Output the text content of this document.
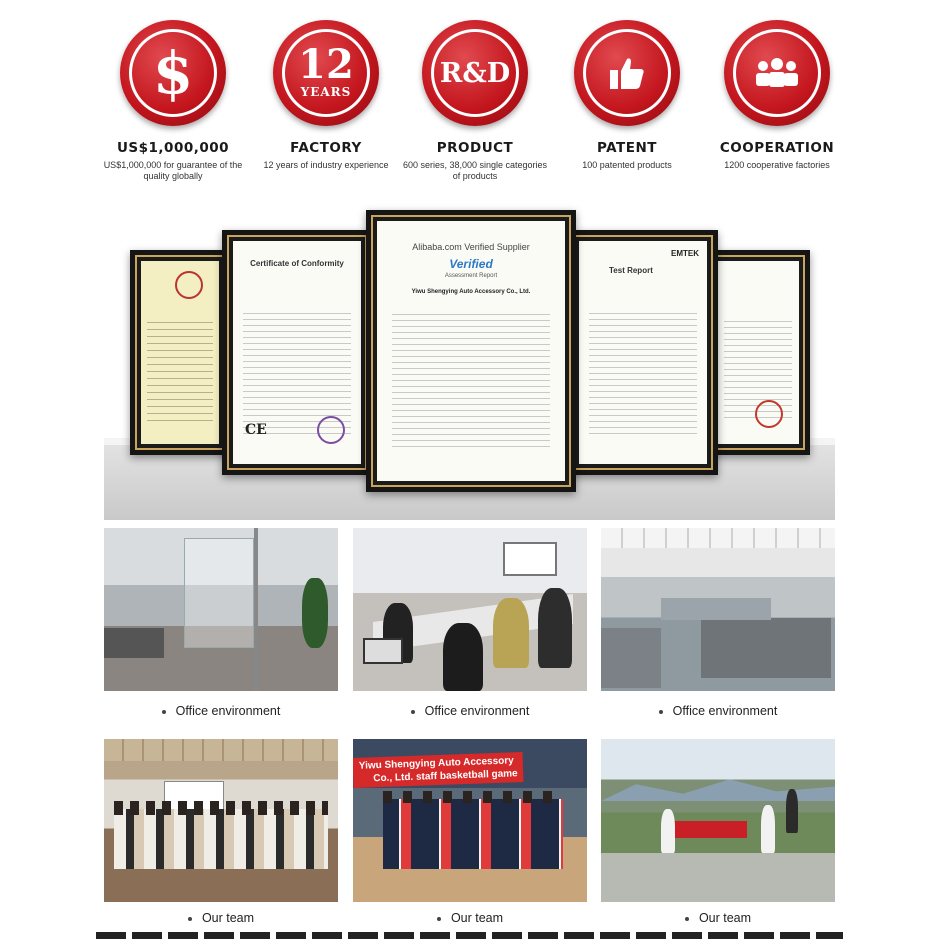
$
US$1,000,000
US$1,000,000 for guarantee of the quality globally
12
YEARS
FACTORY
12 years of industry experience
R&D
PRODUCT
600 series, 38,000 single categories of products
PATENT
100 patented products
COOPERATION
1200 cooperative factories
Certificate of Conformity
CE
EMTEK
Test Report
Alibaba.com Verified Supplier
Verified
Assessment Report
Yiwu Shengying Auto Accessory Co., Ltd.
Office environment	Office environment	Office environment
Our team
Yiwu Shengying Auto Accessory
Co., Ltd. staff basketball game
Our team
	Our team
